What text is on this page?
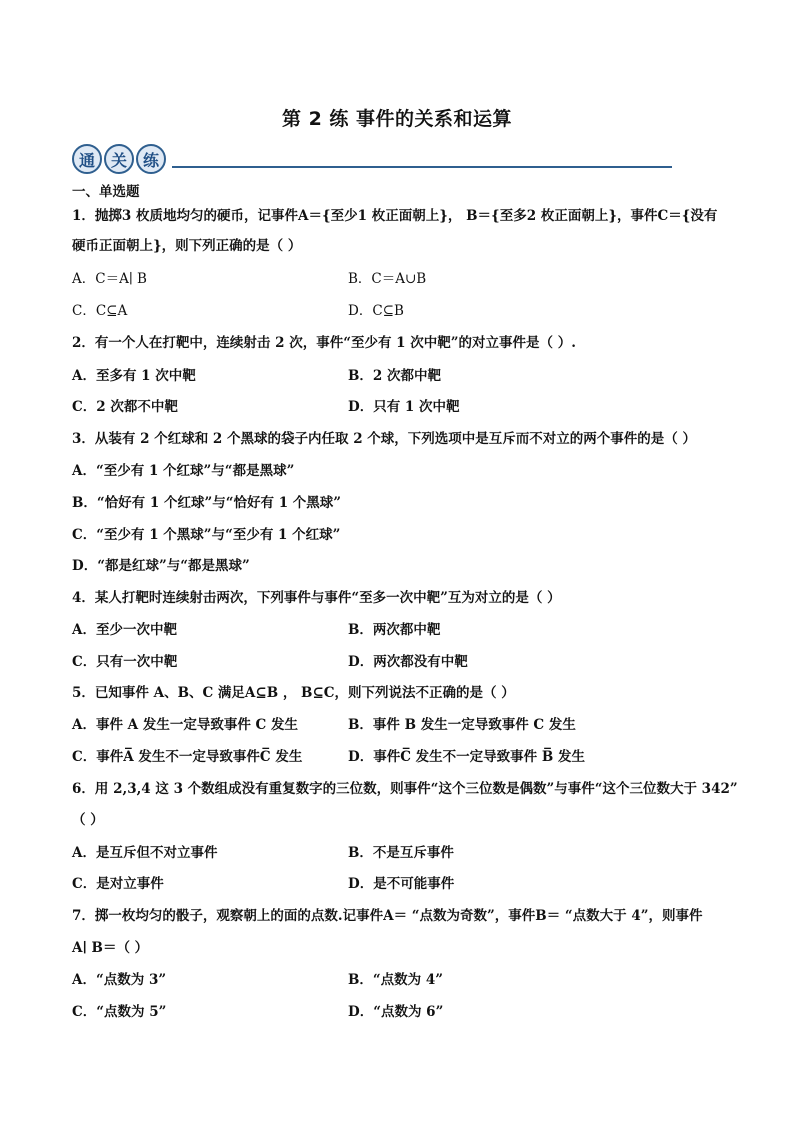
第 2 练 事件的关系和运算
通 关 练
一、单选题
1．抛掷3 枚质地均匀的硬币，记事件A＝{至少1 枚正面朝上}， B＝{至多2 枚正面朝上}，事件C＝{没有
硬币正面朝上}，则下列正确的是（ ）
A．C＝A∣ B	B．C＝A∪B
C．C⊆A	D．C⊆B
2．有一个人在打靶中，连续射击 2 次，事件“至少有 1 次中靶”的对立事件是（ ）.
A．至多有 1 次中靶	B．2 次都中靶
C．2 次都不中靶	D．只有 1 次中靶
3．从装有 2 个红球和 2 个黑球的袋子内任取 2 个球，下列选项中是互斥而不对立的两个事件的是（ ）
A．“至少有 1 个红球”与“都是黑球”
B．“恰好有 1 个红球”与“恰好有 1 个黑球”
C．“至少有 1 个黑球”与“至少有 1 个红球”
D．“都是红球”与“都是黑球”
4．某人打靶时连续射击两次，下列事件与事件“至多一次中靶”互为对立的是（ ）
A．至少一次中靶	B．两次都中靶
C．只有一次中靶	D．两次都没有中靶
5．已知事件 A、B、C 满足A⊆B ， B⊆C，则下列说法不正确的是（ ）
A．事件 A 发生一定导致事件 C 发生	B．事件 B 发生一定导致事件 C 发生
C．事件A̅ 发生不一定导致事件C̅ 发生	D．事件C̅ 发生不一定导致事件 B̅ 发生
6．用 2,3,4 这 3 个数组成没有重复数字的三位数，则事件“这个三位数是偶数”与事件“这个三位数大于 342”
（ ）
A．是互斥但不对立事件	B．不是互斥事件
C．是对立事件	D．是不可能事件
7．掷一枚均匀的骰子，观察朝上的面的点数.记事件A＝ “点数为奇数”，事件B＝ “点数大于 4”，则事件
A∣ B＝（ ）
A．“点数为 3”	B．“点数为 4”
C．“点数为 5”	D．“点数为 6”
